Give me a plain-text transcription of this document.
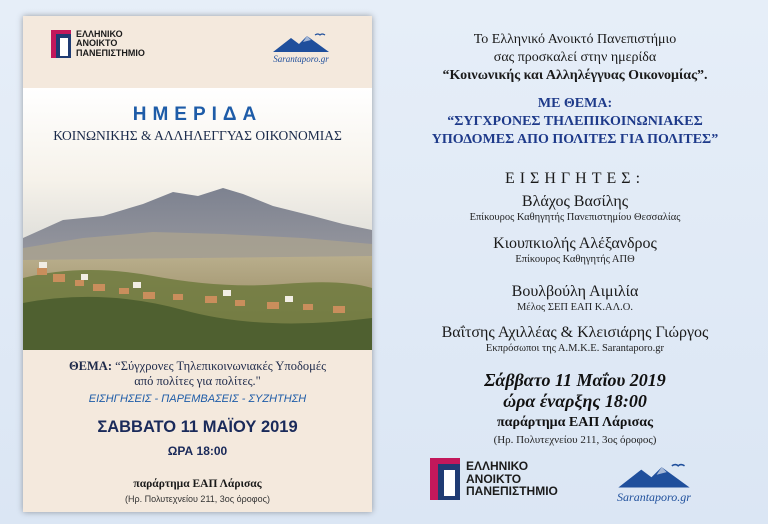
ΕΛΛΗΝΙΚΟ
ΑΝΟΙΚΤΟ
ΠΑΝΕΠΙΣΤΗΜΙΟ
Sarantaporo.gr
ΗΜΕΡΙΔΑ
ΚΟΙΝΩΝΙΚΗΣ & ΑΛΛΗΛΕΓΓΥΑΣ ΟΙΚΟΝΟΜΙΑΣ
ΘΕΜΑ: “Σύγχρονες Τηλεπικοινωνιακές Υποδομές
από πολίτες για πολίτες."
ΕΙΣΗΓΗΣΕΙΣ - ΠΑΡΕΜΒΑΣΕΙΣ - ΣΥΖΗΤΗΣΗ
ΣΑΒΒΑΤΟ 11 ΜΑΪΟΥ 2019
ΩΡΑ 18:00
παράρτημα ΕΑΠ Λάρισας
(Ηρ. Πολυτεχνείου 211, 3ος όροφος)
Το Ελληνικό Ανοικτό Πανεπιστήμιο
σας προσκαλεί στην ημερίδα
“Κοινωνικής και Αλληλέγγυας Οικονομίας”.
ΜΕ ΘΕΜΑ:
“ΣΥΓΧΡΟΝΕΣ ΤΗΛΕΠΙΚΟΙΝΩΝΙΑΚΕΣ
ΥΠΟΔΟΜΕΣ ΑΠΟ ΠΟΛΙΤΕΣ ΓΙΑ ΠΟΛΙΤΕΣ”
ΕΙΣΗΓΗΤΕΣ:
Βλάχος Βασίλης
Επίκουρος Καθηγητής Πανεπιστημίου Θεσσαλίας
Κιουπκιολής Αλέξανδρος
Επίκουρος Καθηγητής ΑΠΘ
Βουλβούλη Αιμιλία
Μέλος ΣΕΠ ΕΑΠ Κ.ΑΛ.Ο.
Βαΐτσης Αχιλλέας & Κλεισιάρης Γιώργος
Εκπρόσωποι της Α.Μ.Κ.Ε. Sarantaporo.gr
Σάββατο 11 Μαΐου 2019
ώρα έναρξης 18:00
παράρτημα ΕΑΠ Λάρισας
(Ηρ. Πολυτεχνείου 211, 3ος όροφος)
ΕΛΛΗΝΙΚΟ
ΑΝΟΙΚΤΟ
ΠΑΝΕΠΙΣΤΗΜΙΟ	Sarantaporo.gr
